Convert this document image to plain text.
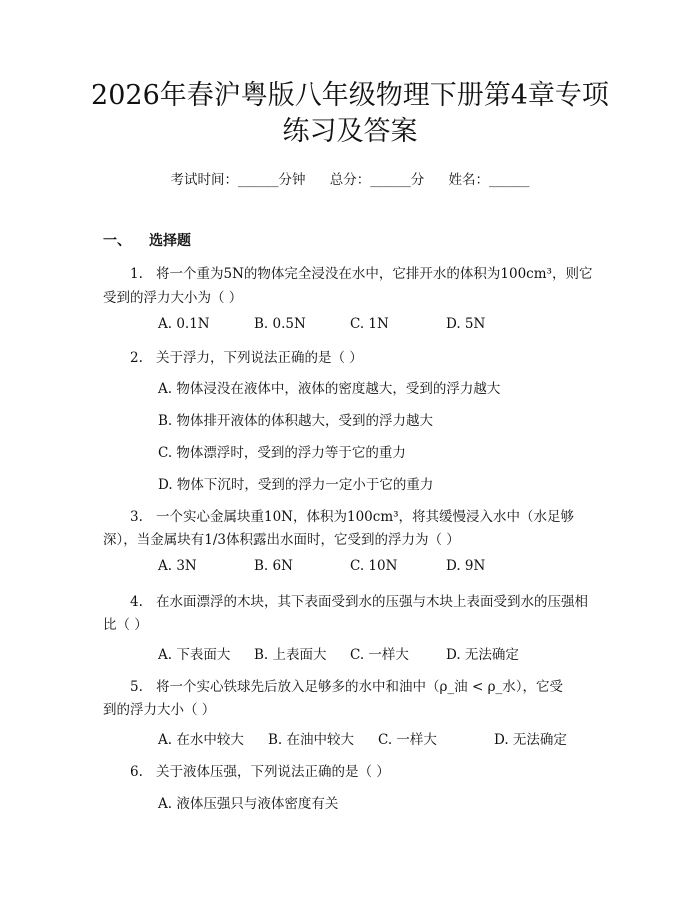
2026年春沪粤版八年级物理下册第4章专项
练习及答案
考试时间：______分钟 总分：______分 姓名：______
一、 选择题
1. 将一个重为5N的物体完全浸没在水中，它排开水的体积为100cm³，则它
受到的浮力大小为（ ）
A. 0.1N	B. 0.5N	C. 1N	D. 5N
2. 关于浮力，下列说法正确的是（ ）
A. 物体浸没在液体中，液体的密度越大，受到的浮力越大
B. 物体排开液体的体积越大，受到的浮力越大
C. 物体漂浮时，受到的浮力等于它的重力
D. 物体下沉时，受到的浮力一定小于它的重力
3. 一个实心金属块重10N，体积为100cm³，将其缓慢浸入水中（水足够
深），当金属块有1/3体积露出水面时，它受到的浮力为（ ）
A. 3N	B. 6N	C. 10N	D. 9N
4. 在水面漂浮的木块，其下表面受到水的压强与木块上表面受到水的压强相
比（ ）
A. 下表面大 B. 上表面大 C. 一样大	D. 无法确定
5. 将一个实心铁球先后放入足够多的水中和油中（ρ_油 < ρ_水），它受
到的浮力大小（ ）
A. 在水中较大 B. 在油中较大 C. 一样大	D. 无法确定
6. 关于液体压强，下列说法正确的是（ ）
A. 液体压强只与液体密度有关
